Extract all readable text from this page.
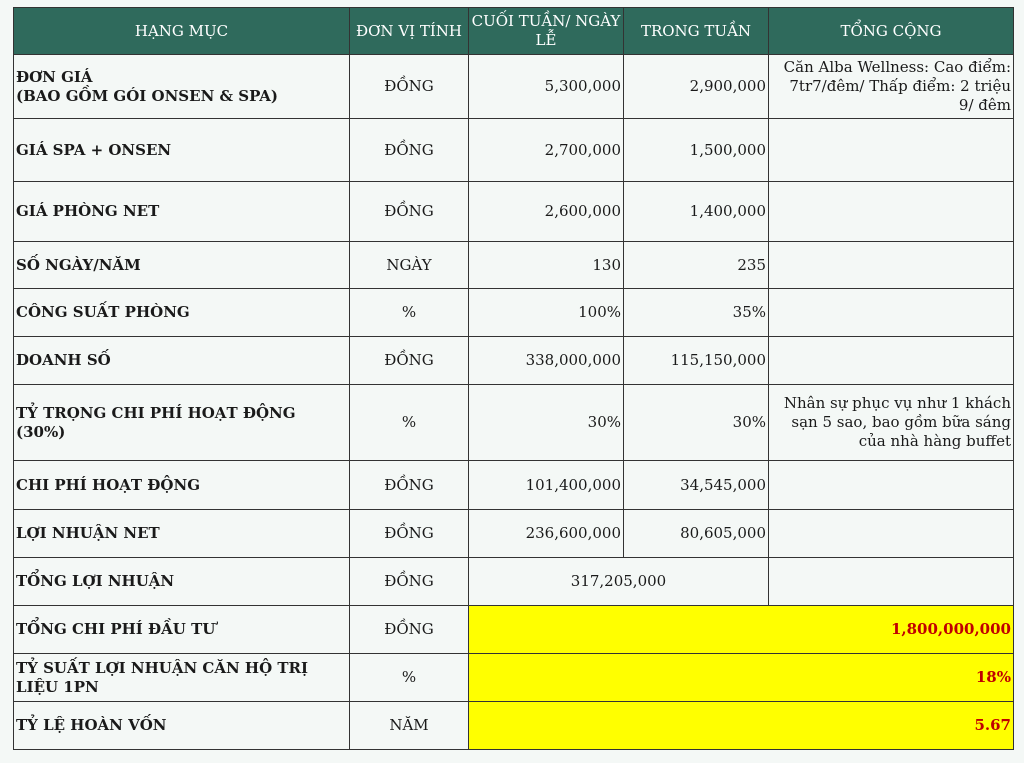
HẠNG MỤC	ĐƠN VỊ TÍNH	CUỐI TUẦN/ NGÀY LỄ	TRONG TUẦN	TỔNG CỘNG

ĐƠN GIÁ
(BAO GỒM GÓI ONSEN & SPA)	ĐỒNG	5,300,000	2,900,000	Căn Alba Wellness: Cao điểm: 7tr7/đêm/ Thấp điểm: 2 triệu 9/ đêm
GIÁ SPA + ONSEN	ĐỒNG	2,700,000	1,500,000	
GIÁ PHÒNG NET	ĐỒNG	2,600,000	1,400,000	
SỐ NGÀY/NĂM	NGÀY	130	235	
CÔNG SUẤT PHÒNG	%	100%	35%	
DOANH SỐ	ĐỒNG	338,000,000	115,150,000	
TỶ TRỌNG CHI PHÍ HOẠT ĐỘNG (30%)	%	30%	30%	Nhân sự phục vụ như 1 khách sạn 5 sao, bao gồm bữa sáng của nhà hàng buffet
CHI PHÍ HOẠT ĐỘNG	ĐỒNG	101,400,000	34,545,000	
LỢI NHUẬN NET	ĐỒNG	236,600,000	80,605,000	
TỔNG LỢI NHUẬN	ĐỒNG	317,205,000		
TỔNG CHI PHÍ ĐẦU TƯ	ĐỒNG	1,800,000,000		
TỶ SUẤT LỢI NHUẬN CĂN HỘ TRỊ LIỆU 1PN	%	18%		
TỶ LỆ HOÀN VỐN	NĂM	5.67		
